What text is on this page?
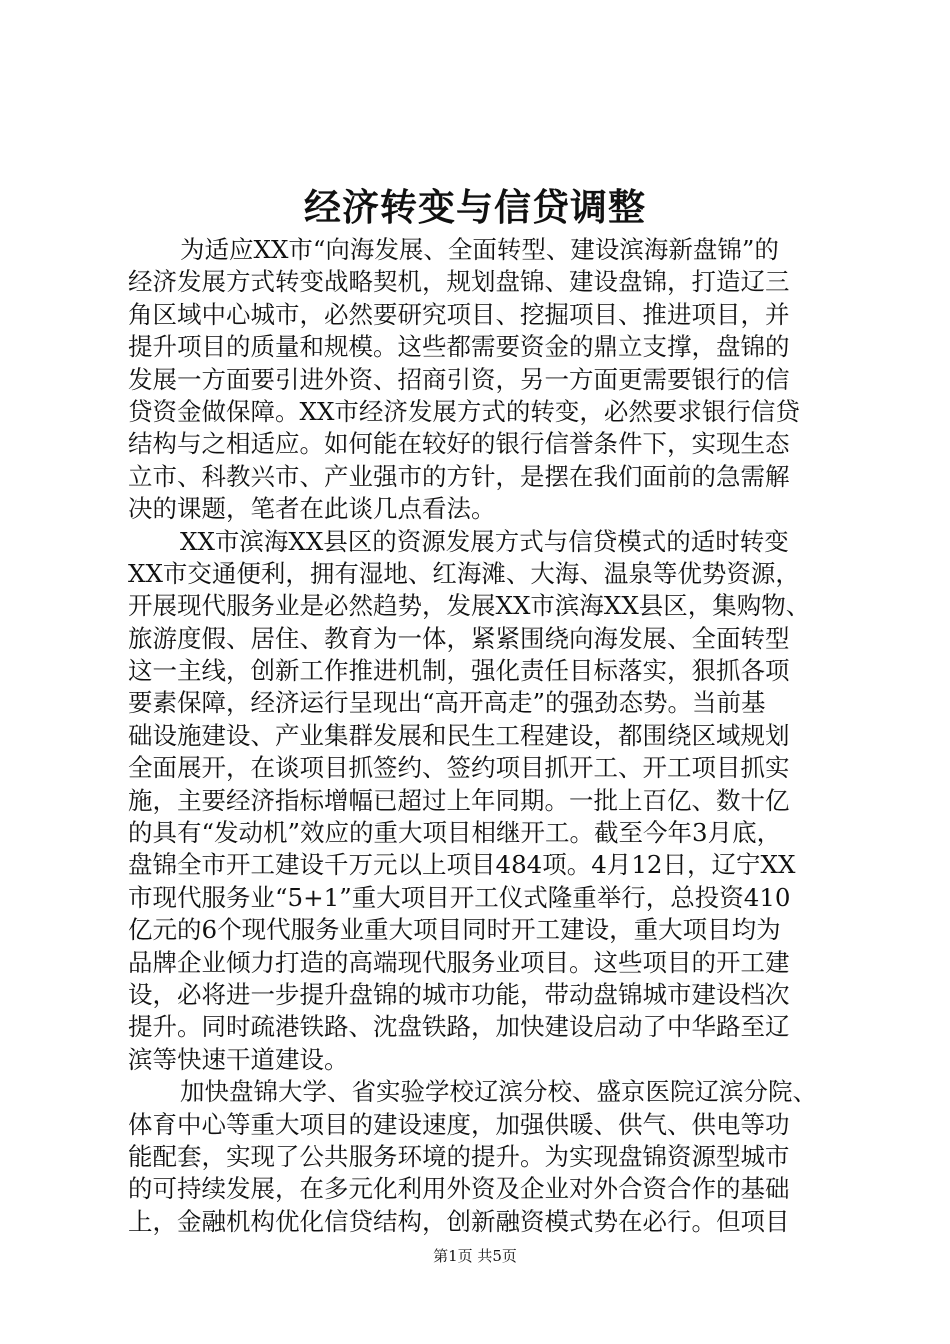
经济转变与信贷调整
为适应XX市“向海发展、全面转型、建设滨海新盘锦”的
经济发展方式转变战略契机，规划盘锦、建设盘锦，打造辽三
角区域中心城市，必然要研究项目、挖掘项目、推进项目，并
提升项目的质量和规模。这些都需要资金的鼎立支撑，盘锦的
发展一方面要引进外资、招商引资，另一方面更需要银行的信
贷资金做保障。XX市经济发展方式的转变，必然要求银行信贷
结构与之相适应。如何能在较好的银行信誉条件下，实现生态
立市、科教兴市、产业强市的方针，是摆在我们面前的急需解
决的课题，笔者在此谈几点看法。
XX市滨海XX县区的资源发展方式与信贷模式的适时转变
XX市交通便利，拥有湿地、红海滩、大海、温泉等优势资源，
开展现代服务业是必然趋势，发展XX市滨海XX县区，集购物、
旅游度假、居住、教育为一体，紧紧围绕向海发展、全面转型
这一主线，创新工作推进机制，强化责任目标落实，狠抓各项
要素保障，经济运行呈现出“高开高走”的强劲态势。当前基
础设施建设、产业集群发展和民生工程建设，都围绕区域规划
全面展开，在谈项目抓签约、签约项目抓开工、开工项目抓实
施，主要经济指标增幅已超过上年同期。一批上百亿、数十亿
的具有“发动机”效应的重大项目相继开工。截至今年3月底，
盘锦全市开工建设千万元以上项目484项。4月12日，辽宁XX
市现代服务业“5+1”重大项目开工仪式隆重举行，总投资410
亿元的6个现代服务业重大项目同时开工建设，重大项目均为
品牌企业倾力打造的高端现代服务业项目。这些项目的开工建
设，必将进一步提升盘锦的城市功能，带动盘锦城市建设档次
提升。同时疏港铁路、沈盘铁路，加快建设启动了中华路至辽
滨等快速干道建设。
加快盘锦大学、省实验学校辽滨分校、盛京医院辽滨分院、
体育中心等重大项目的建设速度，加强供暖、供气、供电等功
能配套，实现了公共服务环境的提升。为实现盘锦资源型城市
的可持续发展，在多元化利用外资及企业对外合资合作的基础
上，金融机构优化信贷结构，创新融资模式势在必行。但项目
第1页 共5页
